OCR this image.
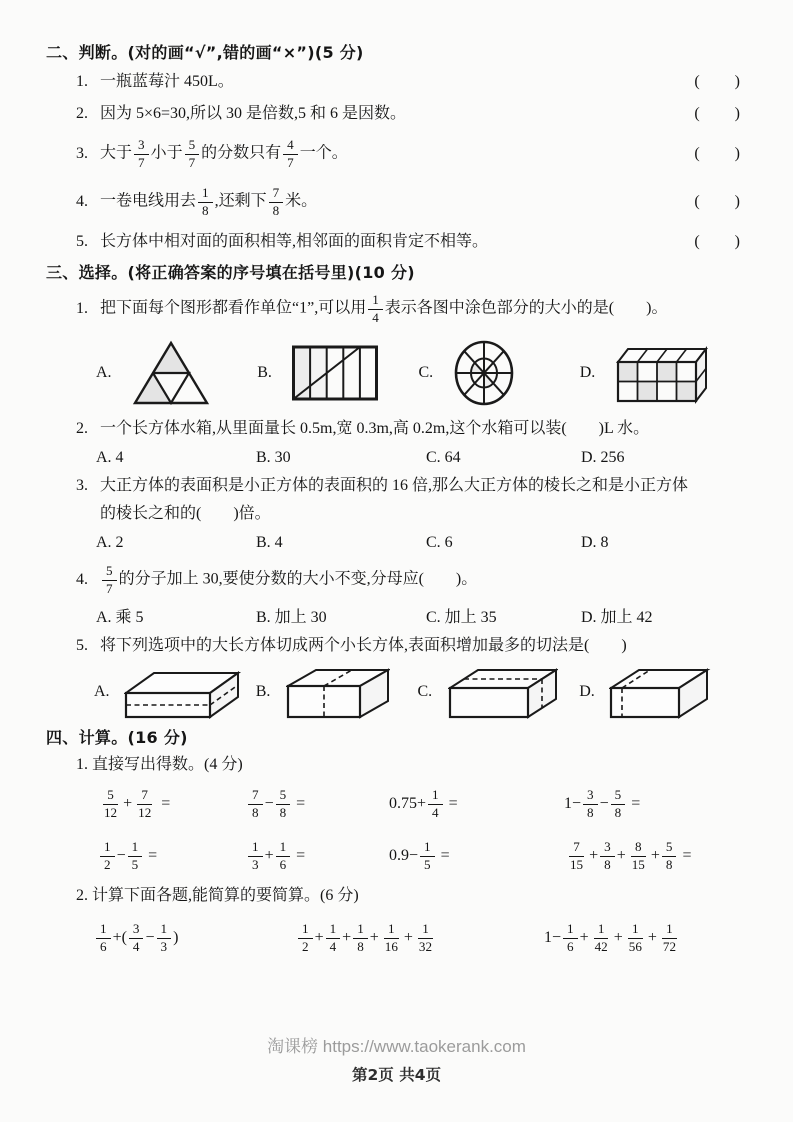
二、判断。(对的画“√”,错的画“×”)(5 分)
1. 一瓶蓝莓汁 450L。	(　　)
2. 因为 5×6=30,所以 30 是倍数,5 和 6 是因数。	(　　)
3. 大于 $\frac{3}{7}$ 小于 $\frac{5}{7}$ 的分数只有 $\frac{4}{7}$ 一个。	(　　)
4. 一卷电线用去 $\frac{1}{8}$ ,还剩下 $\frac{7}{8}$ 米。	(　　)
5. 长方体中相对面的面积相等,相邻面的面积肯定不相等。	(　　)
三、选择。(将正确答案的序号填在括号里)(10 分)
1. 把下面每个图形都看作单位“1”,可以用 $\frac{1}{4}$ 表示各图中涂色部分的大小的是(　　)。
A.	B.	C.	D.
2. 一个长方体水箱,从里面量长 0.5m,宽 0.3m,高 0.2m,这个水箱可以装(　　)L 水。
A. 4	B. 30	C. 64	D. 256
3. 大正方体的表面积是小正方体的表面积的 16 倍,那么大正方体的棱长之和是小正方体
的棱长之和的(　　)倍。
A. 2	B. 4	C. 6	D. 8
4.	$\frac{5}{7}$ 的分子加上 30,要使分数的大小不变,分母应(　　)。
A. 乘 5	B. 加上 30	C. 加上 35	D. 加上 42
5. 将下列选项中的大长方体切成两个小长方体,表面积增加最多的切法是(　　)
A.	B.	C.	D.
四、计算。(16 分)
1. 直接写出得数。(4 分)
$\frac{5}{12} + \frac{7}{12}$ =	$\frac{7}{8} - \frac{5}{8}$ =	$0.75+ \frac{1}{4}$ =	$1- \frac{3}{8} - \frac{5}{8}$ =
$\frac{1}{2} - \frac{1}{5}$ =	$\frac{1}{3} + \frac{1}{6}$ =	$0.9- \frac{1}{5}$ =	$\frac{7}{15} + \frac{3}{8} + \frac{8}{15} + \frac{5}{8}$ =
2. 计算下面各题,能简算的要简算。(6 分)
$\frac{1}{6}$ +( $\frac{3}{4} - \frac{1}{3}$ )	$\frac{1}{2} + \frac{1}{4} + \frac{1}{8} + \frac{1}{16} + \frac{1}{32}$	$1- \frac{1}{6} + \frac{1}{42} + \frac{1}{56} + \frac{1}{72}$
淘课榜 https://www.taokerank.com
第2页 共4页
